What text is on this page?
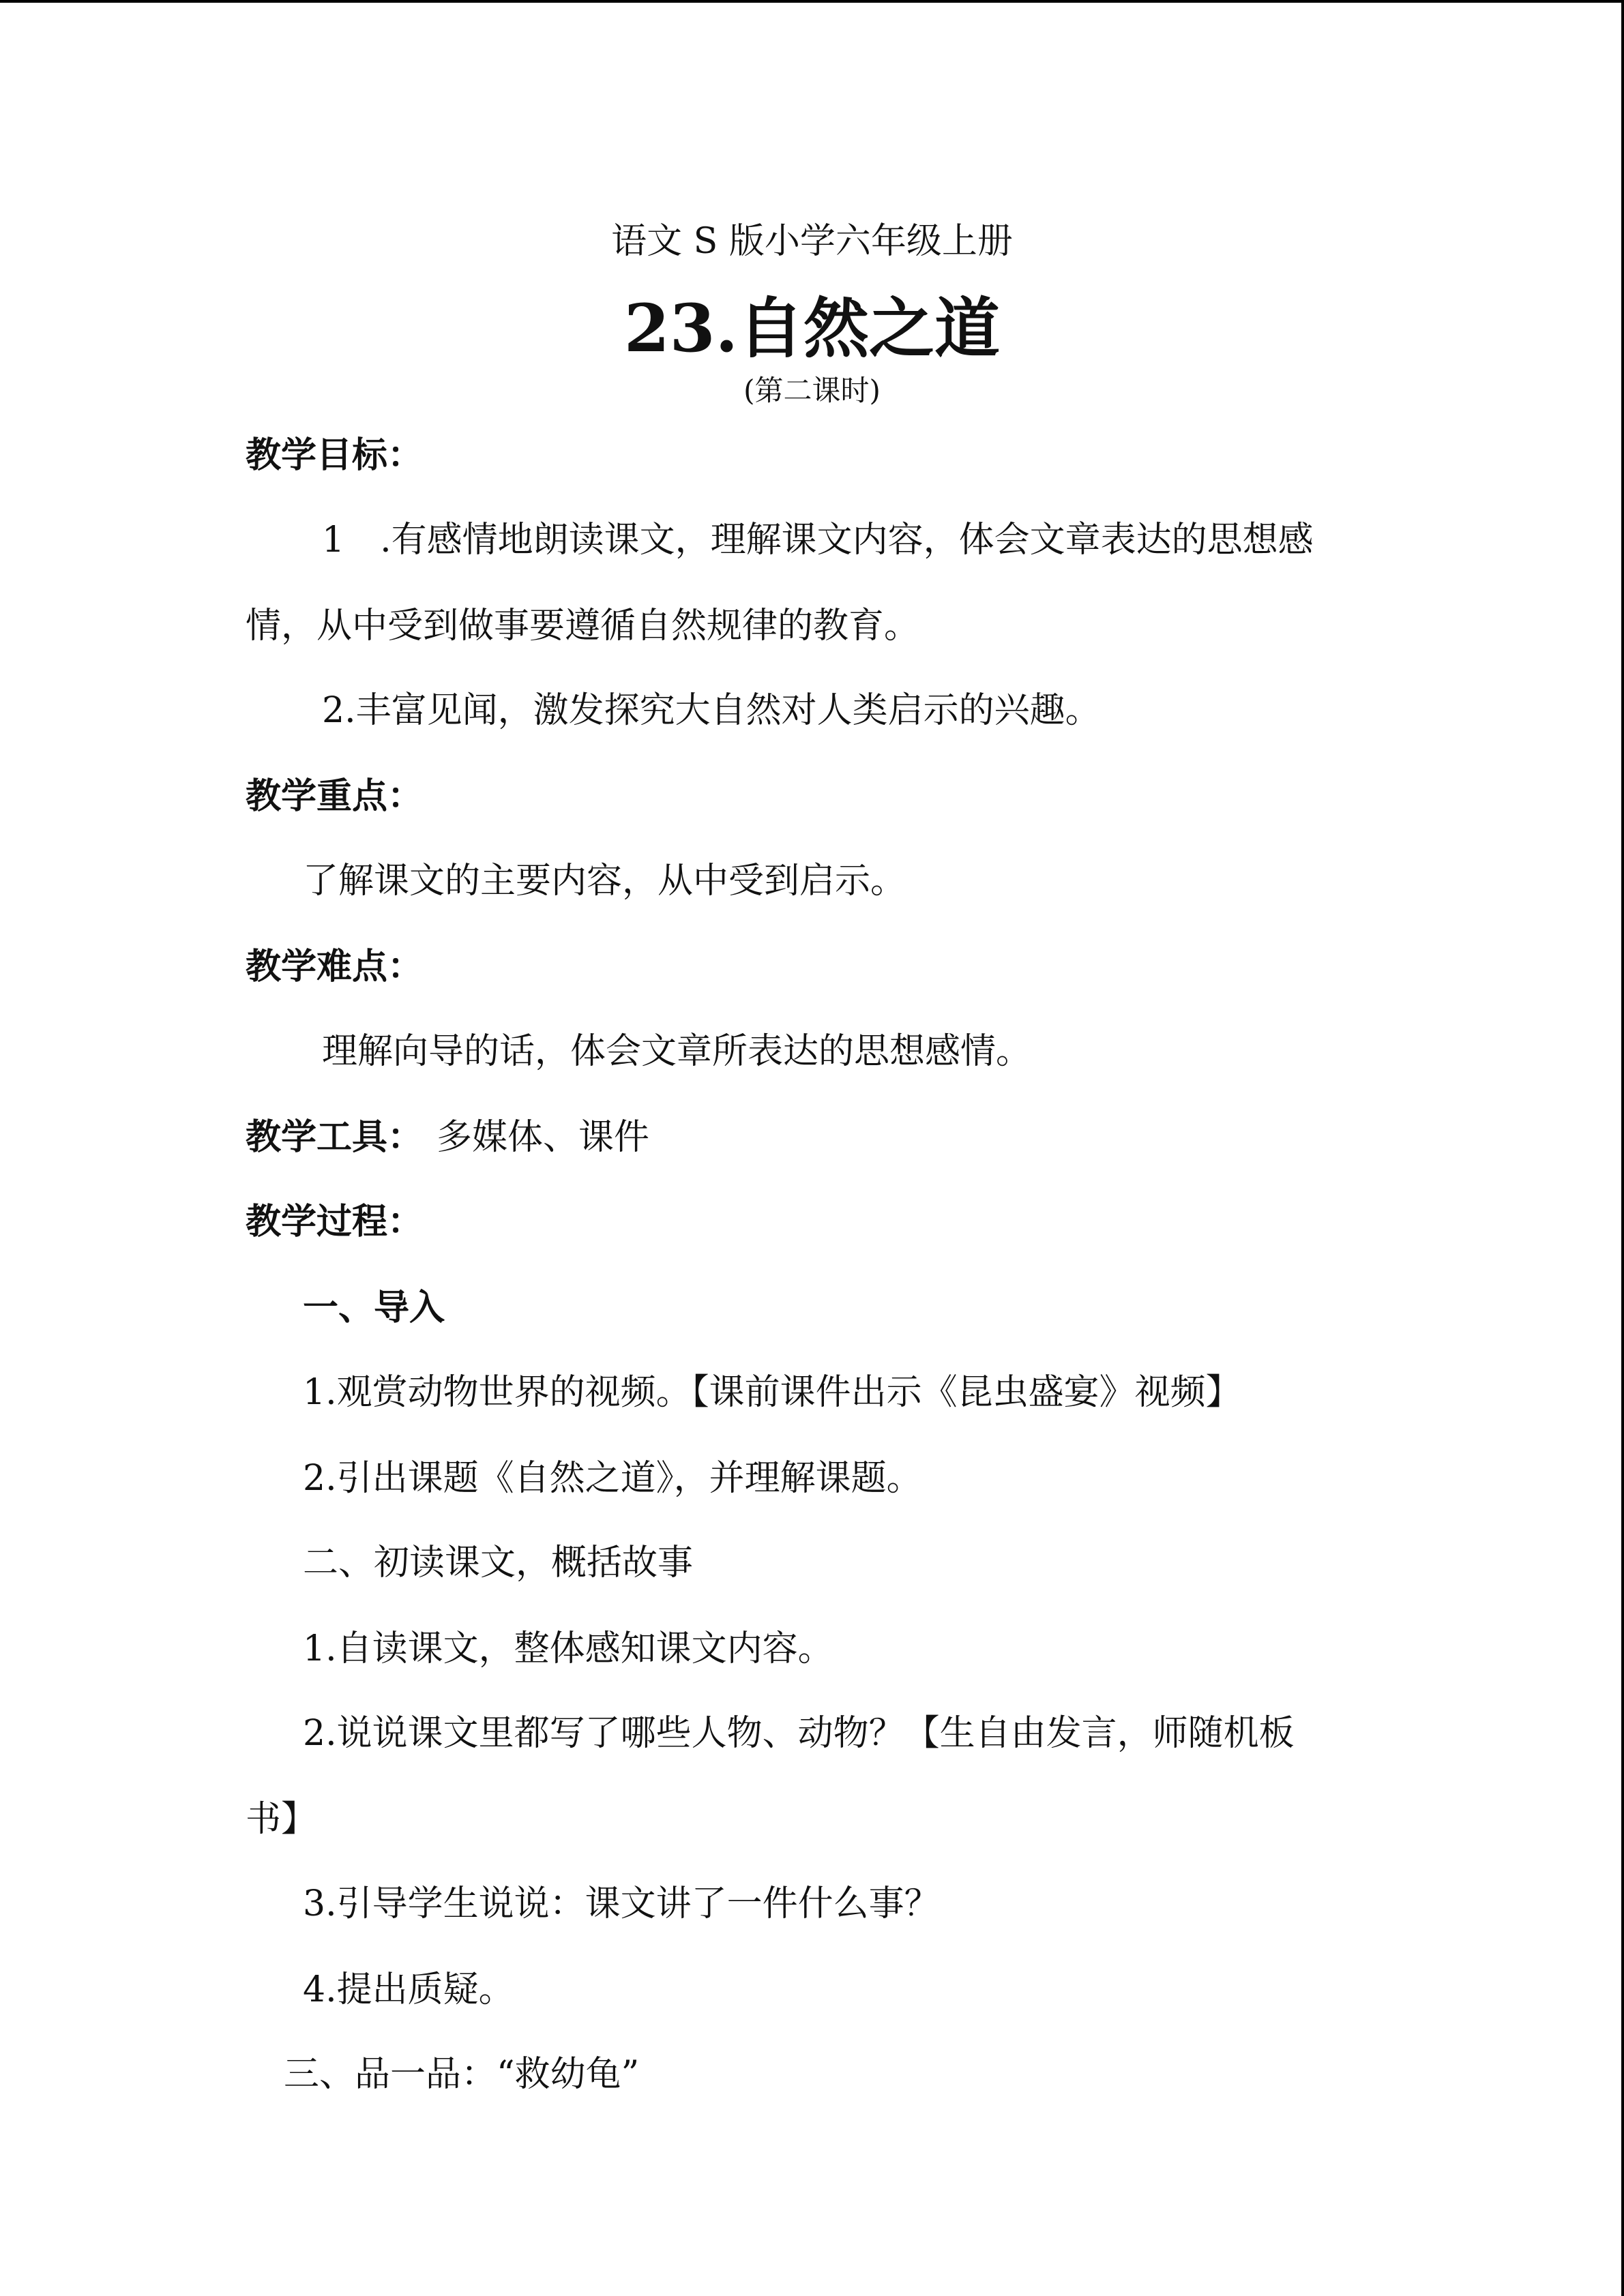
语文 S 版小学六年级上册
23.自然之道
(第二课时)
教学目标：
1　.有感情地朗读课文，理解课文内容，体会文章表达的思想感
情，从中受到做事要遵循自然规律的教育。
2.丰富见闻，激发探究大自然对人类启示的兴趣。
教学重点：
了解课文的主要内容，从中受到启示。
教学难点：
理解向导的话，体会文章所表达的思想感情。
教学工具： 多媒体、课件
教学过程：
一、导入
1.观赏动物世界的视频。【课前课件出示《昆虫盛宴》视频】
2.引出课题《自然之道》，并理解课题。
二、初读课文，概括故事
1.自读课文，整体感知课文内容。
2.说说课文里都写了哪些人物、动物？【生自由发言，师随机板
书】
3.引导学生说说：课文讲了一件什么事？
4.提出质疑。
三、品一品：“救幼龟”
